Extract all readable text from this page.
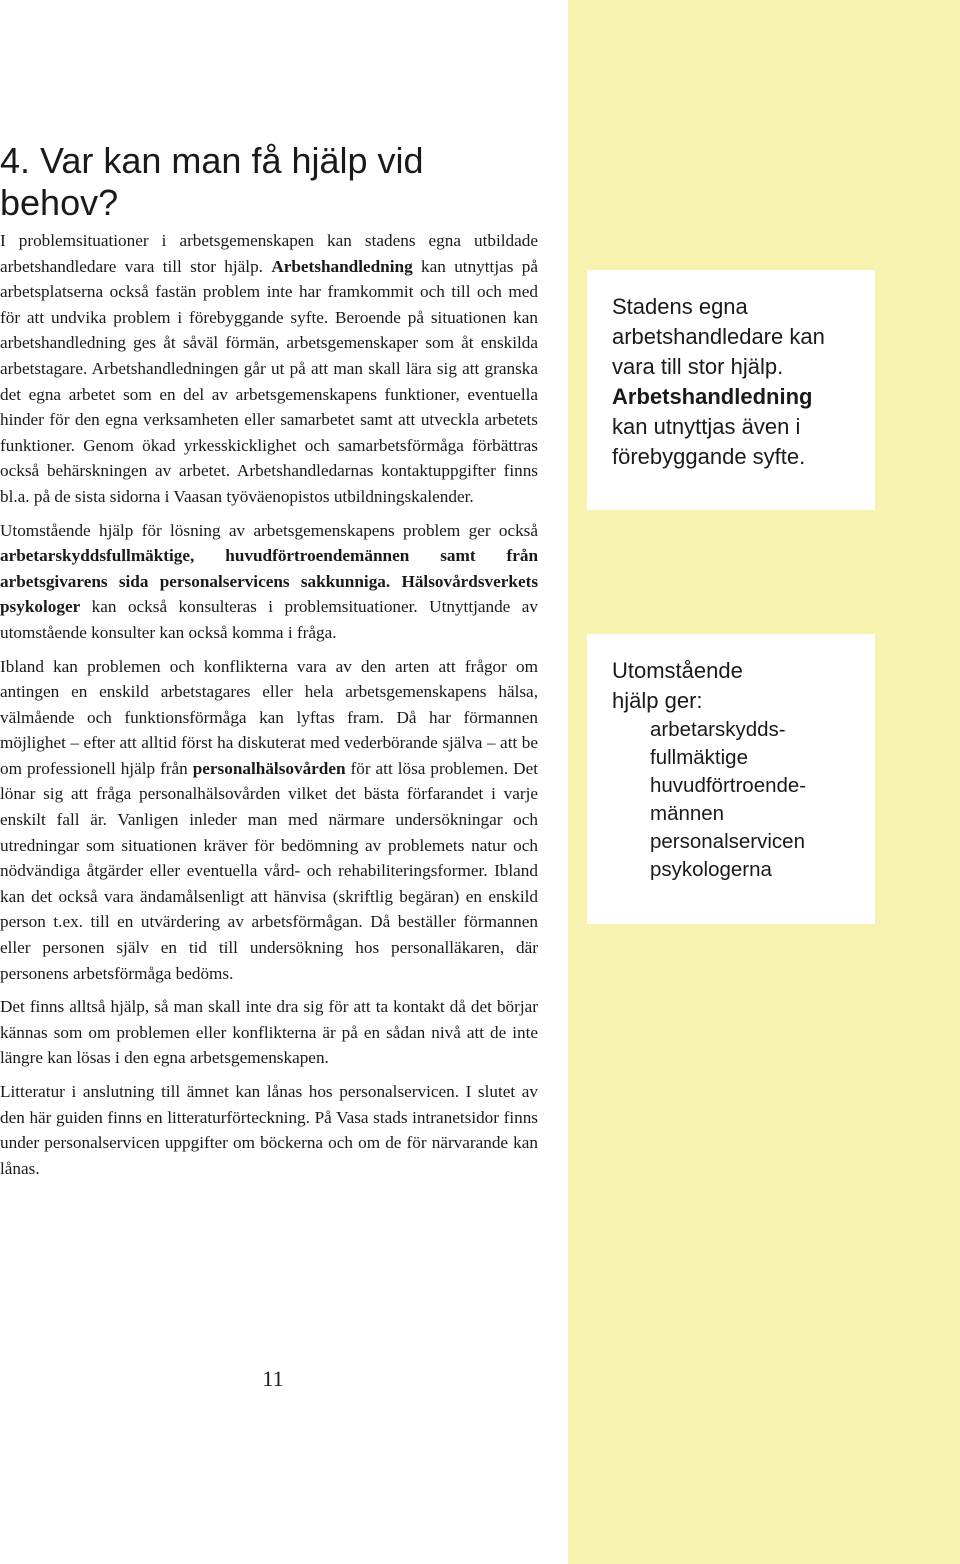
4. Var kan man få hjälp vid behov?

I problemsituationer i arbetsgemenskapen kan stadens egna utbildade arbetshandledare vara till stor hjälp. Arbetshandledning kan utnyttjas på arbetsplatserna också fastän problem inte har framkommit och till och med för att undvika problem i förebyggande syfte. Beroende på situationen kan arbetshandledning ges åt såväl förmän, arbetsgemenskaper som åt enskilda arbetstagare. Arbetshandledningen går ut på att man skall lära sig att granska det egna arbetet som en del av arbetsgemenskapens funktioner, eventuella hinder för den egna verksamheten eller samarbetet samt att utveckla arbetets funktioner. Genom ökad yrkesskicklighet och samarbetsförmåga förbättras också behärskningen av arbetet. Arbetshandledarnas kontaktuppgifter finns bl.a. på de sista sidorna i Vaasan työväenopistos utbildningskalender.

Utomstående hjälp för lösning av arbetsgemenskapens problem ger också arbetarskyddsfullmäktige, huvudförtroendemännen samt från arbetsgivarens sida personalservicens sakkunniga. Hälsovårdsverkets psykologer kan också konsulteras i problemsituationer. Utnyttjande av utomstående konsulter kan också komma i fråga.

Ibland kan problemen och konflikterna vara av den arten att frågor om antingen en enskild arbetstagares eller hela arbetsgemenskapens hälsa, välmående och funktionsförmåga kan lyftas fram. Då har förmannen möjlighet – efter att alltid först ha diskuterat med vederbörande själva – att be om professionell hjälp från personalhälsovården för att lösa problemen. Det lönar sig att fråga personalhälsovården vilket det bästa förfarandet i varje enskilt fall är. Vanligen inleder man med närmare undersökningar och utredningar som situationen kräver för bedömning av problemets natur och nödvändiga åtgärder eller eventuella vård- och rehabiliteringsformer. Ibland kan det också vara ändamålsenligt att hänvisa (skriftlig begäran) en enskild person t.ex. till en utvärdering av arbetsförmågan. Då beställer förmannen eller personen själv en tid till undersökning hos personalläkaren, där personens arbetsförmåga bedöms.

Det finns alltså hjälp, så man skall inte dra sig för att ta kontakt då det börjar kännas som om problemen eller konflikterna är på en sådan nivå att de inte längre kan lösas i den egna arbetsgemenskapen.

Litteratur i anslutning till ämnet kan lånas hos personalservicen. I slutet av den här guiden finns en litteraturförteckning. På Vasa stads intranetsidor finns under personalservicen uppgifter om böckerna och om de för närvarande kan lånas.

11
Stadens egna arbetshandledare kan vara till stor hjälp.
Arbetshandledning
kan utnyttjas även i förebyggande syfte.
Utomstående hjälp ger:
arbetarskydds-fullmäktige
huvudförtroende-männen
personalservicen
psykologerna
